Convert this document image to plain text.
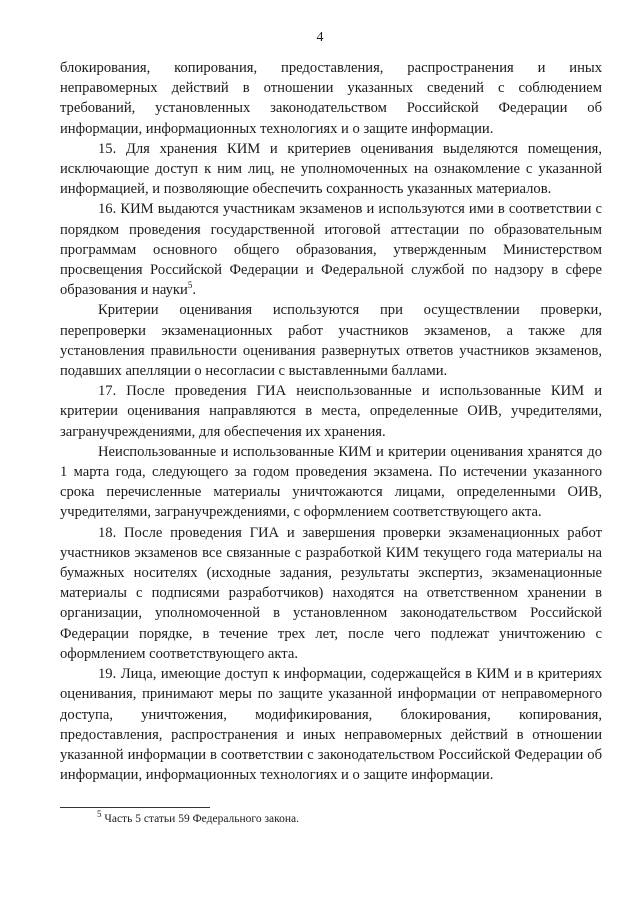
4

блокирования, копирования, предоставления, распространения и иных неправомерных действий в отношении указанных сведений с соблюдением требований, установленных законодательством Российской Федерации об информации, информационных технологиях и о защите информации.

15. Для хранения КИМ и критериев оценивания выделяются помещения, исключающие доступ к ним лиц, не уполномоченных на ознакомление с указанной информацией, и позволяющие обеспечить сохранность указанных материалов.

16. КИМ выдаются участникам экзаменов и используются ими в соответствии с порядком проведения государственной итоговой аттестации по образовательным программам основного общего образования, утвержденным Министерством просвещения Российской Федерации и Федеральной службой по надзору в сфере образования и науки$^5$.

Критерии оценивания используются при осуществлении проверки, перепроверки экзаменационных работ участников экзаменов, а также для установления правильности оценивания развернутых ответов участников экзаменов, подавших апелляции о несогласии с выставленными баллами.

17. После проведения ГИА неиспользованные и использованные КИМ и критерии оценивания направляются в места, определенные ОИВ, учредителями, загранучреждениями, для обеспечения их хранения.

Неиспользованные и использованные КИМ и критерии оценивания хранятся до 1 марта года, следующего за годом проведения экзамена. По истечении указанного срока перечисленные материалы уничтожаются лицами, определенными ОИВ, учредителями, загранучреждениями, с оформлением соответствующего акта.

18. После проведения ГИА и завершения проверки экзаменационных работ участников экзаменов все связанные с разработкой КИМ текущего года материалы на бумажных носителях (исходные задания, результаты экспертиз, экзаменационные материалы с подписями разработчиков) находятся на ответственном хранении в организации, уполномоченной в установленном законодательством Российской Федерации порядке, в течение трех лет, после чего подлежат уничтожению с оформлением соответствующего акта.

19. Лица, имеющие доступ к информации, содержащейся в КИМ и в критериях оценивания, принимают меры по защите указанной информации от неправомерного доступа, уничтожения, модификирования, блокирования, копирования, предоставления, распространения и иных неправомерных действий в отношении указанной информации в соответствии с законодательством Российской Федерации об информации, информационных технологиях и о защите информации.

$^5$ Часть 5 статьи 59 Федерального закона.
